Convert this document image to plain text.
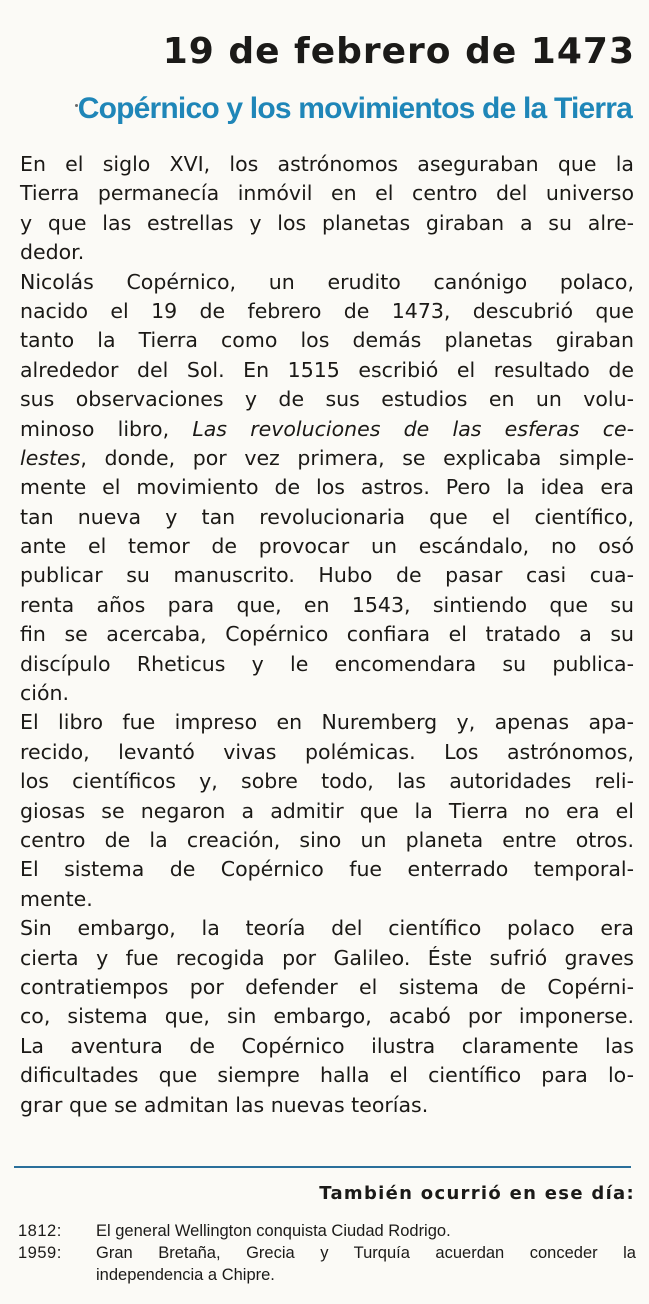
19 de febrero de 1473
Copérnico y los movimientos de la Tierra
En el siglo XVI, los astrónomos aseguraban que la
Tierra permanecía inmóvil en el centro del universo
y que las estrellas y los planetas giraban a su alre-
dedor.
Nicolás Copérnico, un erudito canónigo polaco,
nacido el 19 de febrero de 1473, descubrió que
tanto la Tierra como los demás planetas giraban
alrededor del Sol. En 1515 escribió el resultado de
sus observaciones y de sus estudios en un volu-
minoso libro, Las revoluciones de las esferas ce-
lestes, donde, por vez primera, se explicaba simple-
mente el movimiento de los astros. Pero la idea era
tan nueva y tan revolucionaria que el científico,
ante el temor de provocar un escándalo, no osó
publicar su manuscrito. Hubo de pasar casi cua-
renta años para que, en 1543, sintiendo que su
fin se acercaba, Copérnico confiara el tratado a su
discípulo Rheticus y le encomendara su publica-
ción.
El libro fue impreso en Nuremberg y, apenas apa-
recido, levantó vivas polémicas. Los astrónomos,
los científicos y, sobre todo, las autoridades reli-
giosas se negaron a admitir que la Tierra no era el
centro de la creación, sino un planeta entre otros.
El sistema de Copérnico fue enterrado temporal-
mente.
Sin embargo, la teoría del científico polaco era
cierta y fue recogida por Galileo. Éste sufrió graves
contratiempos por defender el sistema de Copérni-
co, sistema que, sin embargo, acabó por imponerse.
La aventura de Copérnico ilustra claramente las
dificultades que siempre halla el científico para lo-
grar que se admitan las nuevas teorías.
También ocurrió en ese día:
1812:	El general Wellington conquista Ciudad Rodrigo.
1959:	Gran Bretaña, Grecia y Turquía acuerdan conceder la
independencia a Chipre.
